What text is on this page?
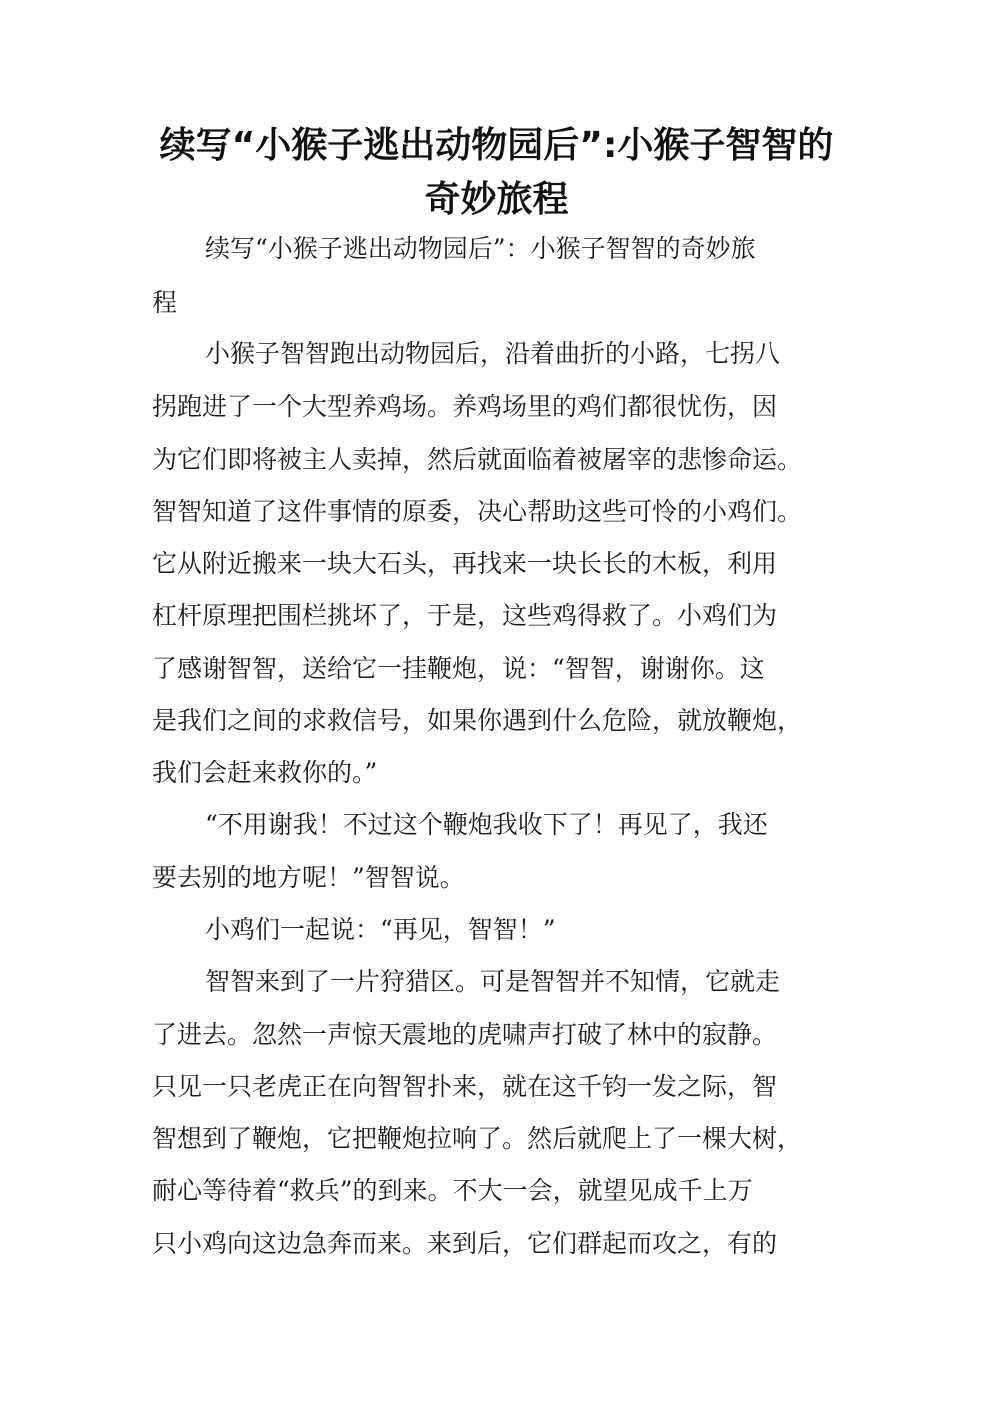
续写“小猴子逃出动物园后”:小猴子智智的
奇妙旅程
续写“小猴子逃出动物园后”：小猴子智智的奇妙旅
程
小猴子智智跑出动物园后，沿着曲折的小路，七拐八
拐跑进了一个大型养鸡场。养鸡场里的鸡们都很忧伤，因
为它们即将被主人卖掉，然后就面临着被屠宰的悲惨命运。
智智知道了这件事情的原委，决心帮助这些可怜的小鸡们。
它从附近搬来一块大石头，再找来一块长长的木板，利用
杠杆原理把围栏挑坏了，于是，这些鸡得救了。小鸡们为
了感谢智智，送给它一挂鞭炮，说：“智智，谢谢你。这
是我们之间的求救信号，如果你遇到什么危险，就放鞭炮，
我们会赶来救你的。”
“不用谢我！不过这个鞭炮我收下了！再见了，我还
要去别的地方呢！”智智说。
小鸡们一起说：“再见，智智！”
智智来到了一片狩猎区。可是智智并不知情，它就走
了进去。忽然一声惊天震地的虎啸声打破了林中的寂静。
只见一只老虎正在向智智扑来，就在这千钧一发之际，智
智想到了鞭炮，它把鞭炮拉响了。然后就爬上了一棵大树，
耐心等待着“救兵”的到来。不大一会，就望见成千上万
只小鸡向这边急奔而来。来到后，它们群起而攻之，有的
